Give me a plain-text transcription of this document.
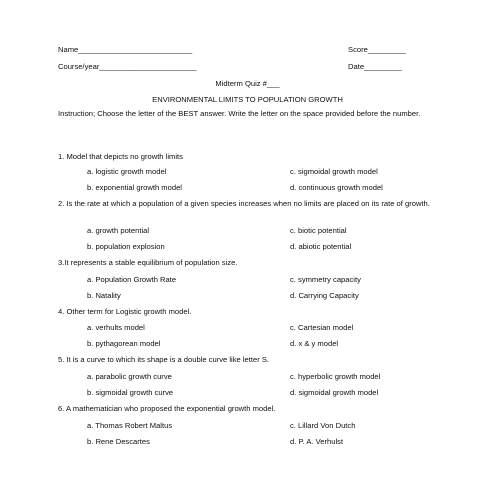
Name___________________________	Score_________
Course/year_______________________	Date_________
Midterm Quiz #___
ENVIRONMENTAL LIMITS TO POPULATION GROWTH
Instruction; Choose the letter of the BEST answer. Write the letter on the space provided before the number.
1. Model that depicts no growth limits
a. logistic growth model	c. sigmoidal growth model
b. exponential growth model	d. continuous growth model
2. Is the rate at which a population of a given species increases when no limits are placed on its rate of growth.
a. growth potential	c. biotic potential
b. population explosion	d. abiotic potential
3.It represents a stable equilibrium of population size.
a. Population Growth Rate	c. symmetry capacity
b. Natality	d. Carrying Capacity
4. Other term for Logistic growth model.
a. verhults model	c. Cartesian model
b. pythagorean model	d. x & y model
5. It is a curve to which its shape is a double curve like letter S.
a. parabolic growth curve	c. hyperbolic growth model
b. sigmoidal growth curve	d. sigmoidal growth model
6. A mathematician who proposed the exponential growth model.
a. Thomas Robert Maltus	c. Lillard Von Dutch
b. Rene Descartes	d. P. A. Verhulst
